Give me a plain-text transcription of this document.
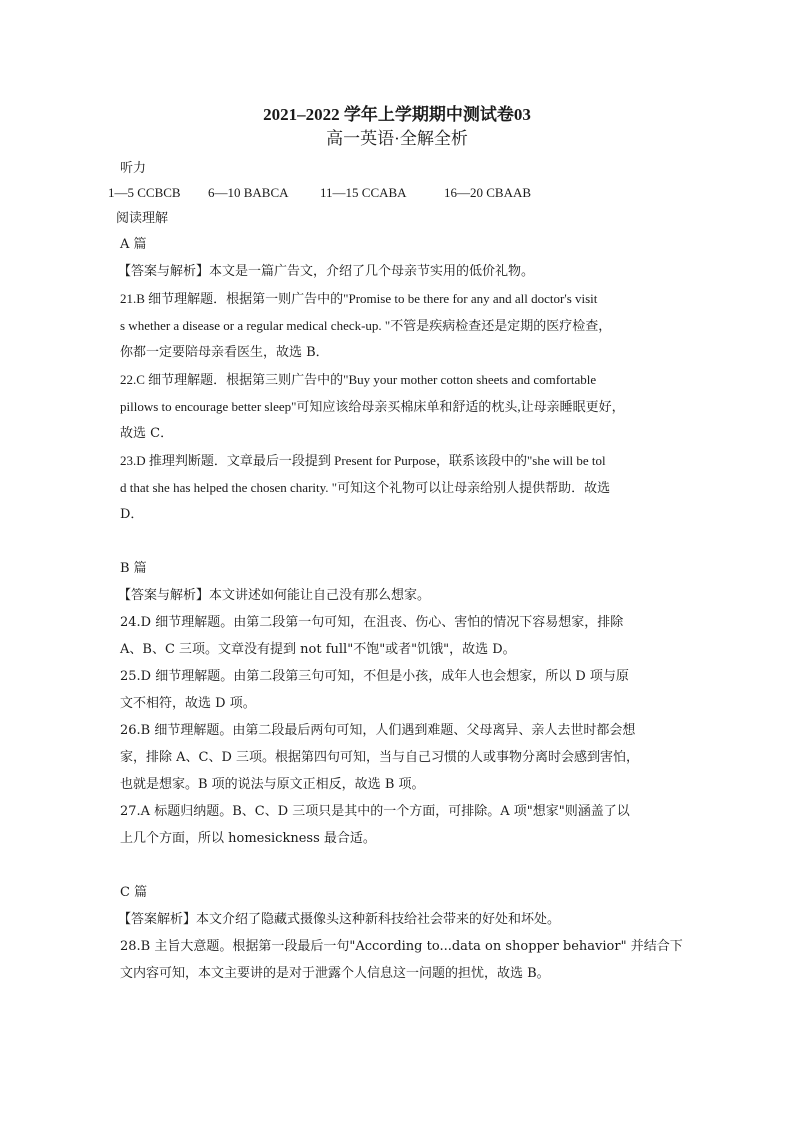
2021–2022 学年上学期期中测试卷03
高一英语·全解全析
听力
1—5 CCBCB 6—10 BABCA 11—15 CCABA	16—20 CBAAB
阅读理解
A 篇
【答案与解析】本文是一篇广告文，介绍了几个母亲节实用的低价礼物。
21.B 细节理解题．根据第一则广告中的"Promise to be there for any and all doctor's visit
s whether a disease or a regular medical check-up. "不管是疾病检查还是定期的医疗检查，
你都一定要陪母亲看医生，故选 B．
22.C 细节理解题．根据第三则广告中的"Buy your mother cotton sheets and comfortable
pillows to encourage better sleep"可知应该给母亲买棉床单和舒适的枕头,让母亲睡眠更好，
故选 C．
23.D 推理判断题．文章最后一段提到 Present for Purpose，联系该段中的"she will be tol
d that she has helped the chosen charity. "可知这个礼物可以让母亲给别人提供帮助．故选
D．
B 篇
【答案与解析】本文讲述如何能让自己没有那么想家。
24.D 细节理解题。由第二段第一句可知，在沮丧、伤心、害怕的情况下容易想家，排除
A、B、C 三项。文章没有提到 not full"不饱"或者"饥饿"，故选 D。
25.D 细节理解题。由第二段第三句可知，不但是小孩，成年人也会想家，所以 D 项与原
文不相符，故选 D 项。
26.B 细节理解题。由第二段最后两句可知，人们遇到难题、父母离异、亲人去世时都会想
家，排除 A、C、D 三项。根据第四句可知，当与自己习惯的人或事物分离时会感到害怕，
也就是想家。B 项的说法与原文正相反，故选 B 项。
27.A 标题归纳题。B、C、D 三项只是其中的一个方面，可排除。A 项"想家"则涵盖了以
上几个方面，所以 homesickness 最合适。
C 篇
【答案解析】本文介绍了隐藏式摄像头这种新科技给社会带来的好处和坏处。
28.B 主旨大意题。根据第一段最后一句"According to...data on shopper behavior" 并结合下
文内容可知，本文主要讲的是对于泄露个人信息这一问题的担忧，故选 B。
